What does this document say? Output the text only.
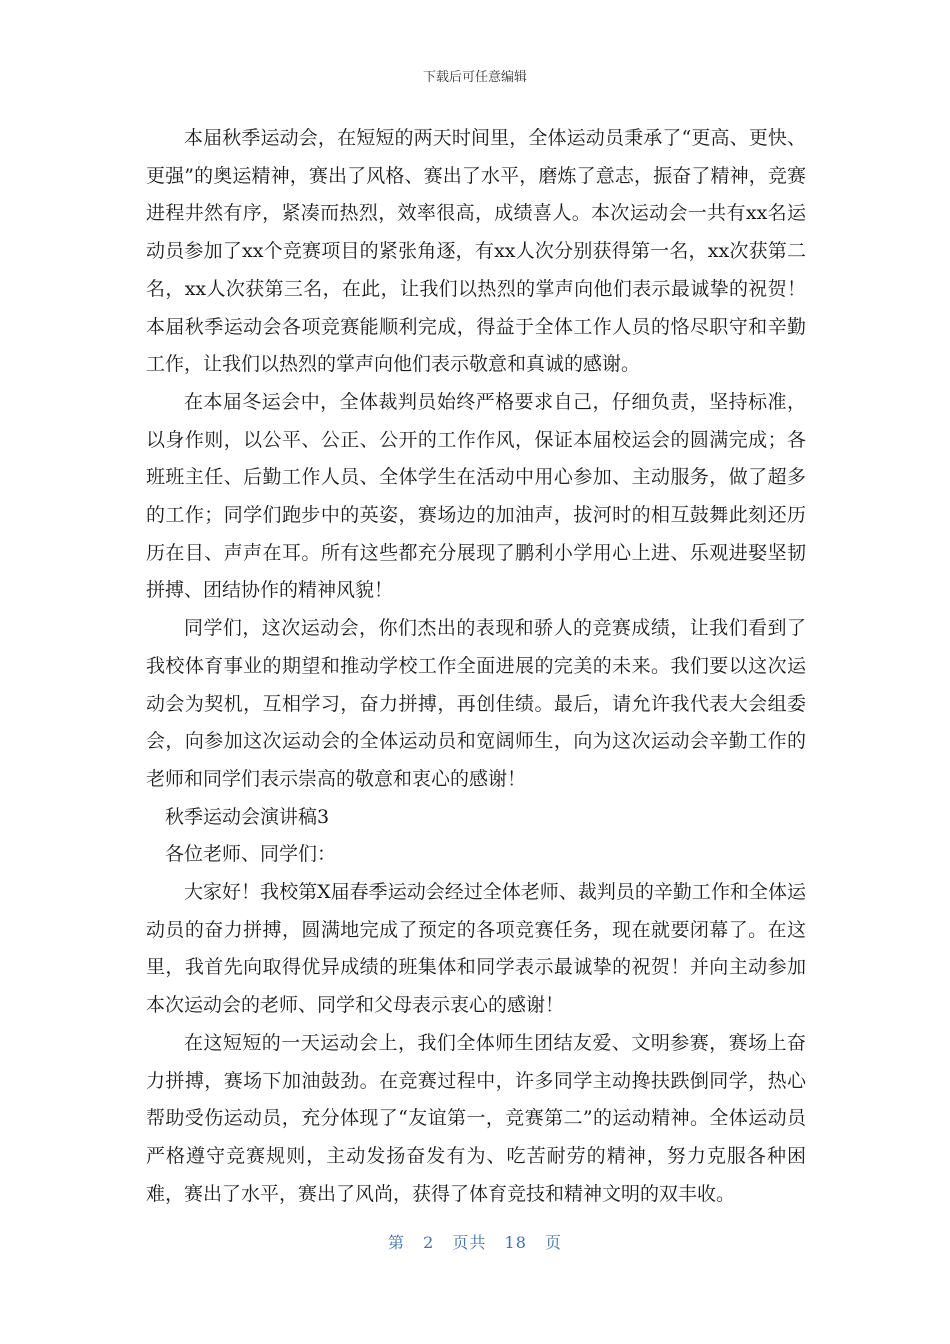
下载后可任意编辑

本届秋季运动会，在短短的两天时间里，全体运动员秉承了“更高、更快、更强”的奥运精神，赛出了风格、赛出了水平，磨炼了意志，振奋了精神，竞赛进程井然有序，紧凑而热烈，效率很高，成绩喜人。本次运动会一共有xx名运动员参加了xx个竞赛项目的紧张角逐，有xx人次分别获得第一名，xx次获第二名，xx人次获第三名，在此，让我们以热烈的掌声向他们表示最诚挚的祝贺！本届秋季运动会各项竞赛能顺利完成，得益于全体工作人员的恪尽职守和辛勤工作，让我们以热烈的掌声向他们表示敬意和真诚的感谢。

在本届冬运会中，全体裁判员始终严格要求自己，仔细负责，坚持标准，以身作则，以公平、公正、公开的工作作风，保证本届校运会的圆满完成；各班班主任、后勤工作人员、全体学生在活动中用心参加、主动服务，做了超多的工作；同学们跑步中的英姿，赛场边的加油声，拔河时的相互鼓舞此刻还历历在目、声声在耳。所有这些都充分展现了鹏利小学用心上进、乐观进娶坚韧拼搏、团结协作的精神风貌！

同学们，这次运动会，你们杰出的表现和骄人的竞赛成绩，让我们看到了我校体育事业的期望和推动学校工作全面进展的完美的未来。我们要以这次运动会为契机，互相学习，奋力拼搏，再创佳绩。最后，请允许我代表大会组委会，向参加这次运动会的全体运动员和宽阔师生，向为这次运动会辛勤工作的老师和同学们表示崇高的敬意和衷心的感谢！

秋季运动会演讲稿3

各位老师、同学们：

大家好！我校第X届春季运动会经过全体老师、裁判员的辛勤工作和全体运动员的奋力拼搏，圆满地完成了预定的各项竞赛任务，现在就要闭幕了。在这里，我首先向取得优异成绩的班集体和同学表示最诚挚的祝贺！并向主动参加本次运动会的老师、同学和父母表示衷心的感谢！

在这短短的一天运动会上，我们全体师生团结友爱、文明参赛，赛场上奋力拼搏，赛场下加油鼓劲。在竞赛过程中，许多同学主动搀扶跌倒同学，热心帮助受伤运动员，充分体现了“友谊第一，竞赛第二”的运动精神。全体运动员严格遵守竞赛规则，主动发扬奋发有为、吃苦耐劳的精神，努力克服各种困难，赛出了水平，赛出了风尚，获得了体育竞技和精神文明的双丰收。

第 2 页共 18 页
